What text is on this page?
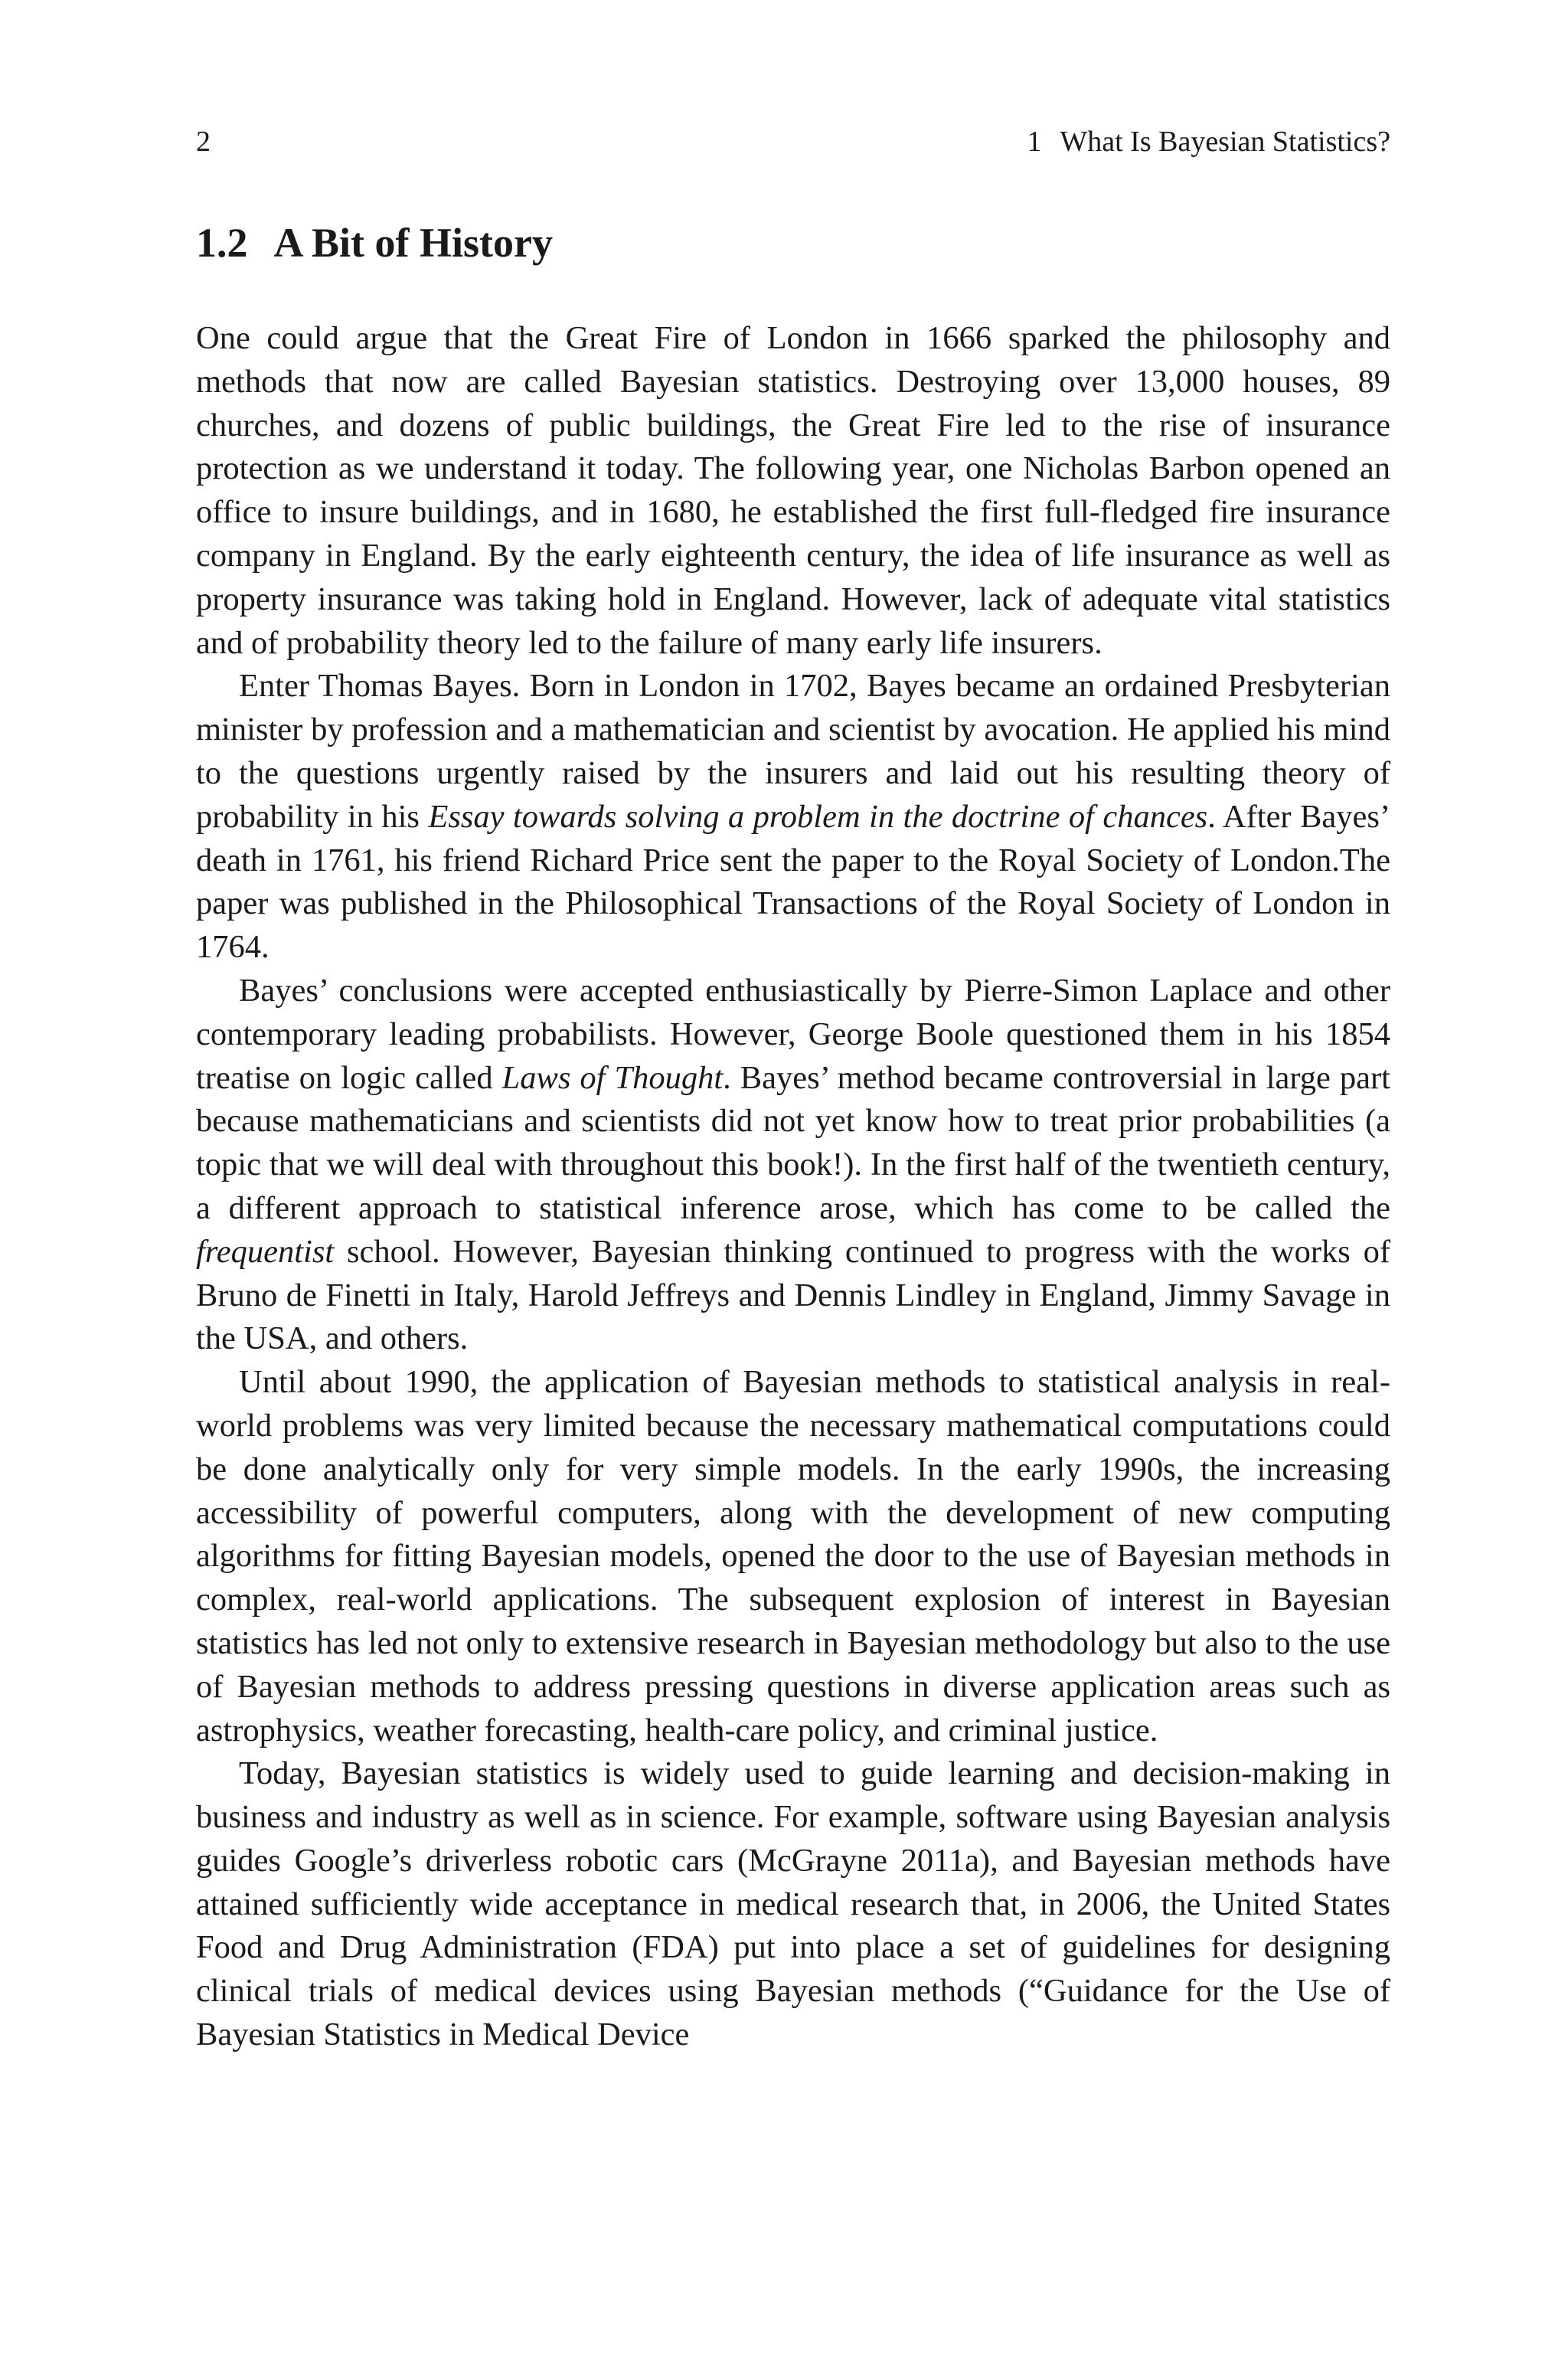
2	1 What Is Bayesian Statistics?
1.2 A Bit of History

One could argue that the Great Fire of London in 1666 sparked the philosophy and methods that now are called Bayesian statistics. Destroying over 13,000 houses, 89 churches, and dozens of public buildings, the Great Fire led to the rise of insurance protection as we understand it today. The following year, one Nicholas Barbon opened an office to insure buildings, and in 1680, he established the first full-fledged fire insurance company in England. By the early eighteenth century, the idea of life insurance as well as property insurance was taking hold in England. However, lack of adequate vital statistics and of probability theory led to the failure of many early life insurers.

Enter Thomas Bayes. Born in London in 1702, Bayes became an ordained Presbyterian minister by profession and a mathematician and scientist by avocation. He applied his mind to the questions urgently raised by the insurers and laid out his resulting theory of probability in his Essay towards solving a problem in the doctrine of chances. After Bayes’ death in 1761, his friend Richard Price sent the paper to the Royal Society of London.The paper was published in the Philosophical Transactions of the Royal Society of London in 1764.

Bayes’ conclusions were accepted enthusiastically by Pierre-Simon Laplace and other contemporary leading probabilists. However, George Boole questioned them in his 1854 treatise on logic called Laws of Thought. Bayes’ method became controversial in large part because mathematicians and scientists did not yet know how to treat prior probabilities (a topic that we will deal with throughout this book!). In the first half of the twentieth century, a different approach to statistical inference arose, which has come to be called the frequentist school. However, Bayesian thinking continued to progress with the works of Bruno de Finetti in Italy, Harold Jeffreys and Dennis Lindley in England, Jimmy Savage in the USA, and others.

Until about 1990, the application of Bayesian methods to statistical analysis in real-world problems was very limited because the necessary mathematical computations could be done analytically only for very simple models. In the early 1990s, the increasing accessibility of powerful computers, along with the development of new computing algorithms for fitting Bayesian models, opened the door to the use of Bayesian methods in complex, real-world applications. The subsequent explosion of interest in Bayesian statistics has led not only to extensive research in Bayesian methodology but also to the use of Bayesian methods to address pressing questions in diverse application areas such as astrophysics, weather forecasting, health-care policy, and criminal justice.

Today, Bayesian statistics is widely used to guide learning and decision-making in business and industry as well as in science. For example, software using Bayesian analysis guides Google’s driverless robotic cars (McGrayne 2011a), and Bayesian methods have attained sufficiently wide acceptance in medical research that, in 2006, the United States Food and Drug Administration (FDA) put into place a set of guidelines for designing clinical trials of medical devices using Bayesian methods (“Guidance for the Use of Bayesian Statistics in Medical Device
